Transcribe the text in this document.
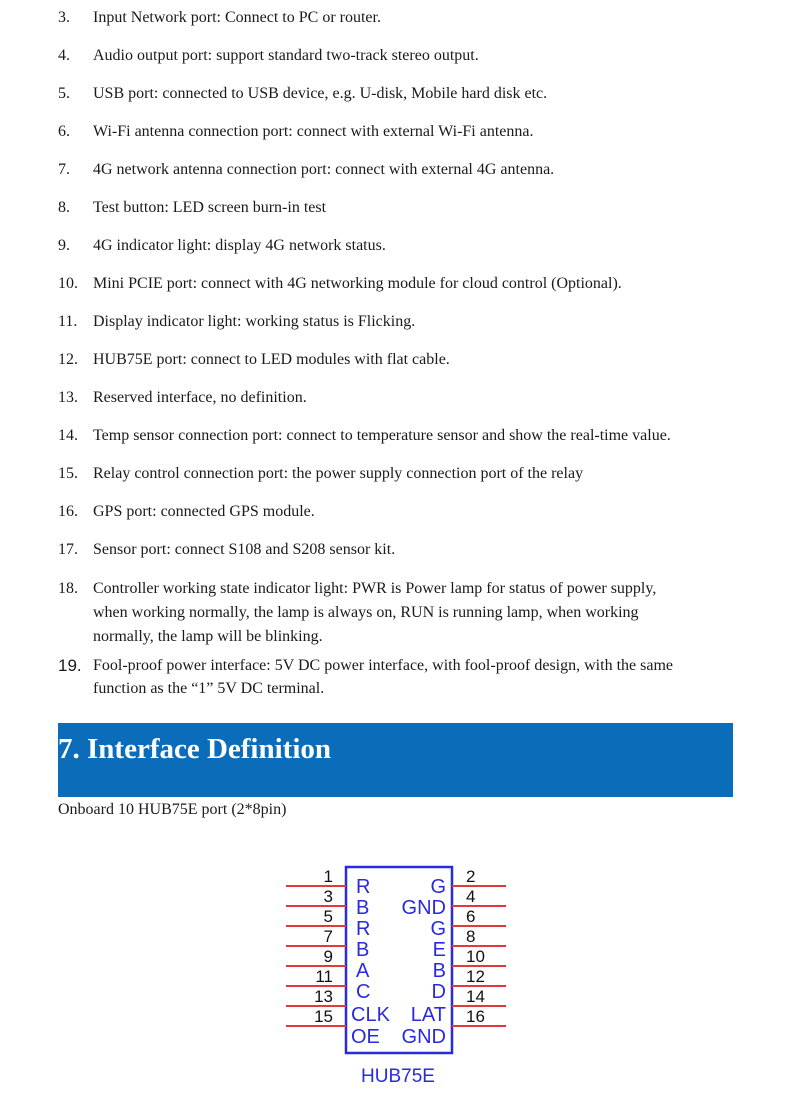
3. Input Network port: Connect to PC or router.
4. Audio output port: support standard two-track stereo output.
5. USB port: connected to USB device, e.g. U-disk, Mobile hard disk etc.
6. Wi-Fi antenna connection port: connect with external Wi-Fi antenna.
7. 4G network antenna connection port: connect with external 4G antenna.
8. Test button: LED screen burn-in test
9. 4G indicator light: display 4G network status.
10. Mini PCIE port: connect with 4G networking module for cloud control (Optional).
11. Display indicator light: working status is Flicking.
12. HUB75E port: connect to LED modules with flat cable.
13. Reserved interface, no definition.
14. Temp sensor connection port: connect to temperature sensor and show the real-time value.
15. Relay control connection port: the power supply connection port of the relay
16. GPS port: connected GPS module.
17. Sensor port: connect S108 and S208 sensor kit.
18. Controller working state indicator light: PWR is Power lamp for status of power supply,
when working normally, the lamp is always on, RUN is running lamp, when working
normally, the lamp will be blinking.
19. Fool-proof power interface: 5V DC power interface, with fool-proof design, with the same
function as the “1” 5V DC terminal.
7. Interface Definition
Onboard 10 HUB75E port (2*8pin)
1
3
5
7
9
11
13
15
2
4
6
8
10
12
14
16
R
B
R
B
A
C
CLK
OE
G
GND
G
E
B
D
LAT
GND
HUB75E
